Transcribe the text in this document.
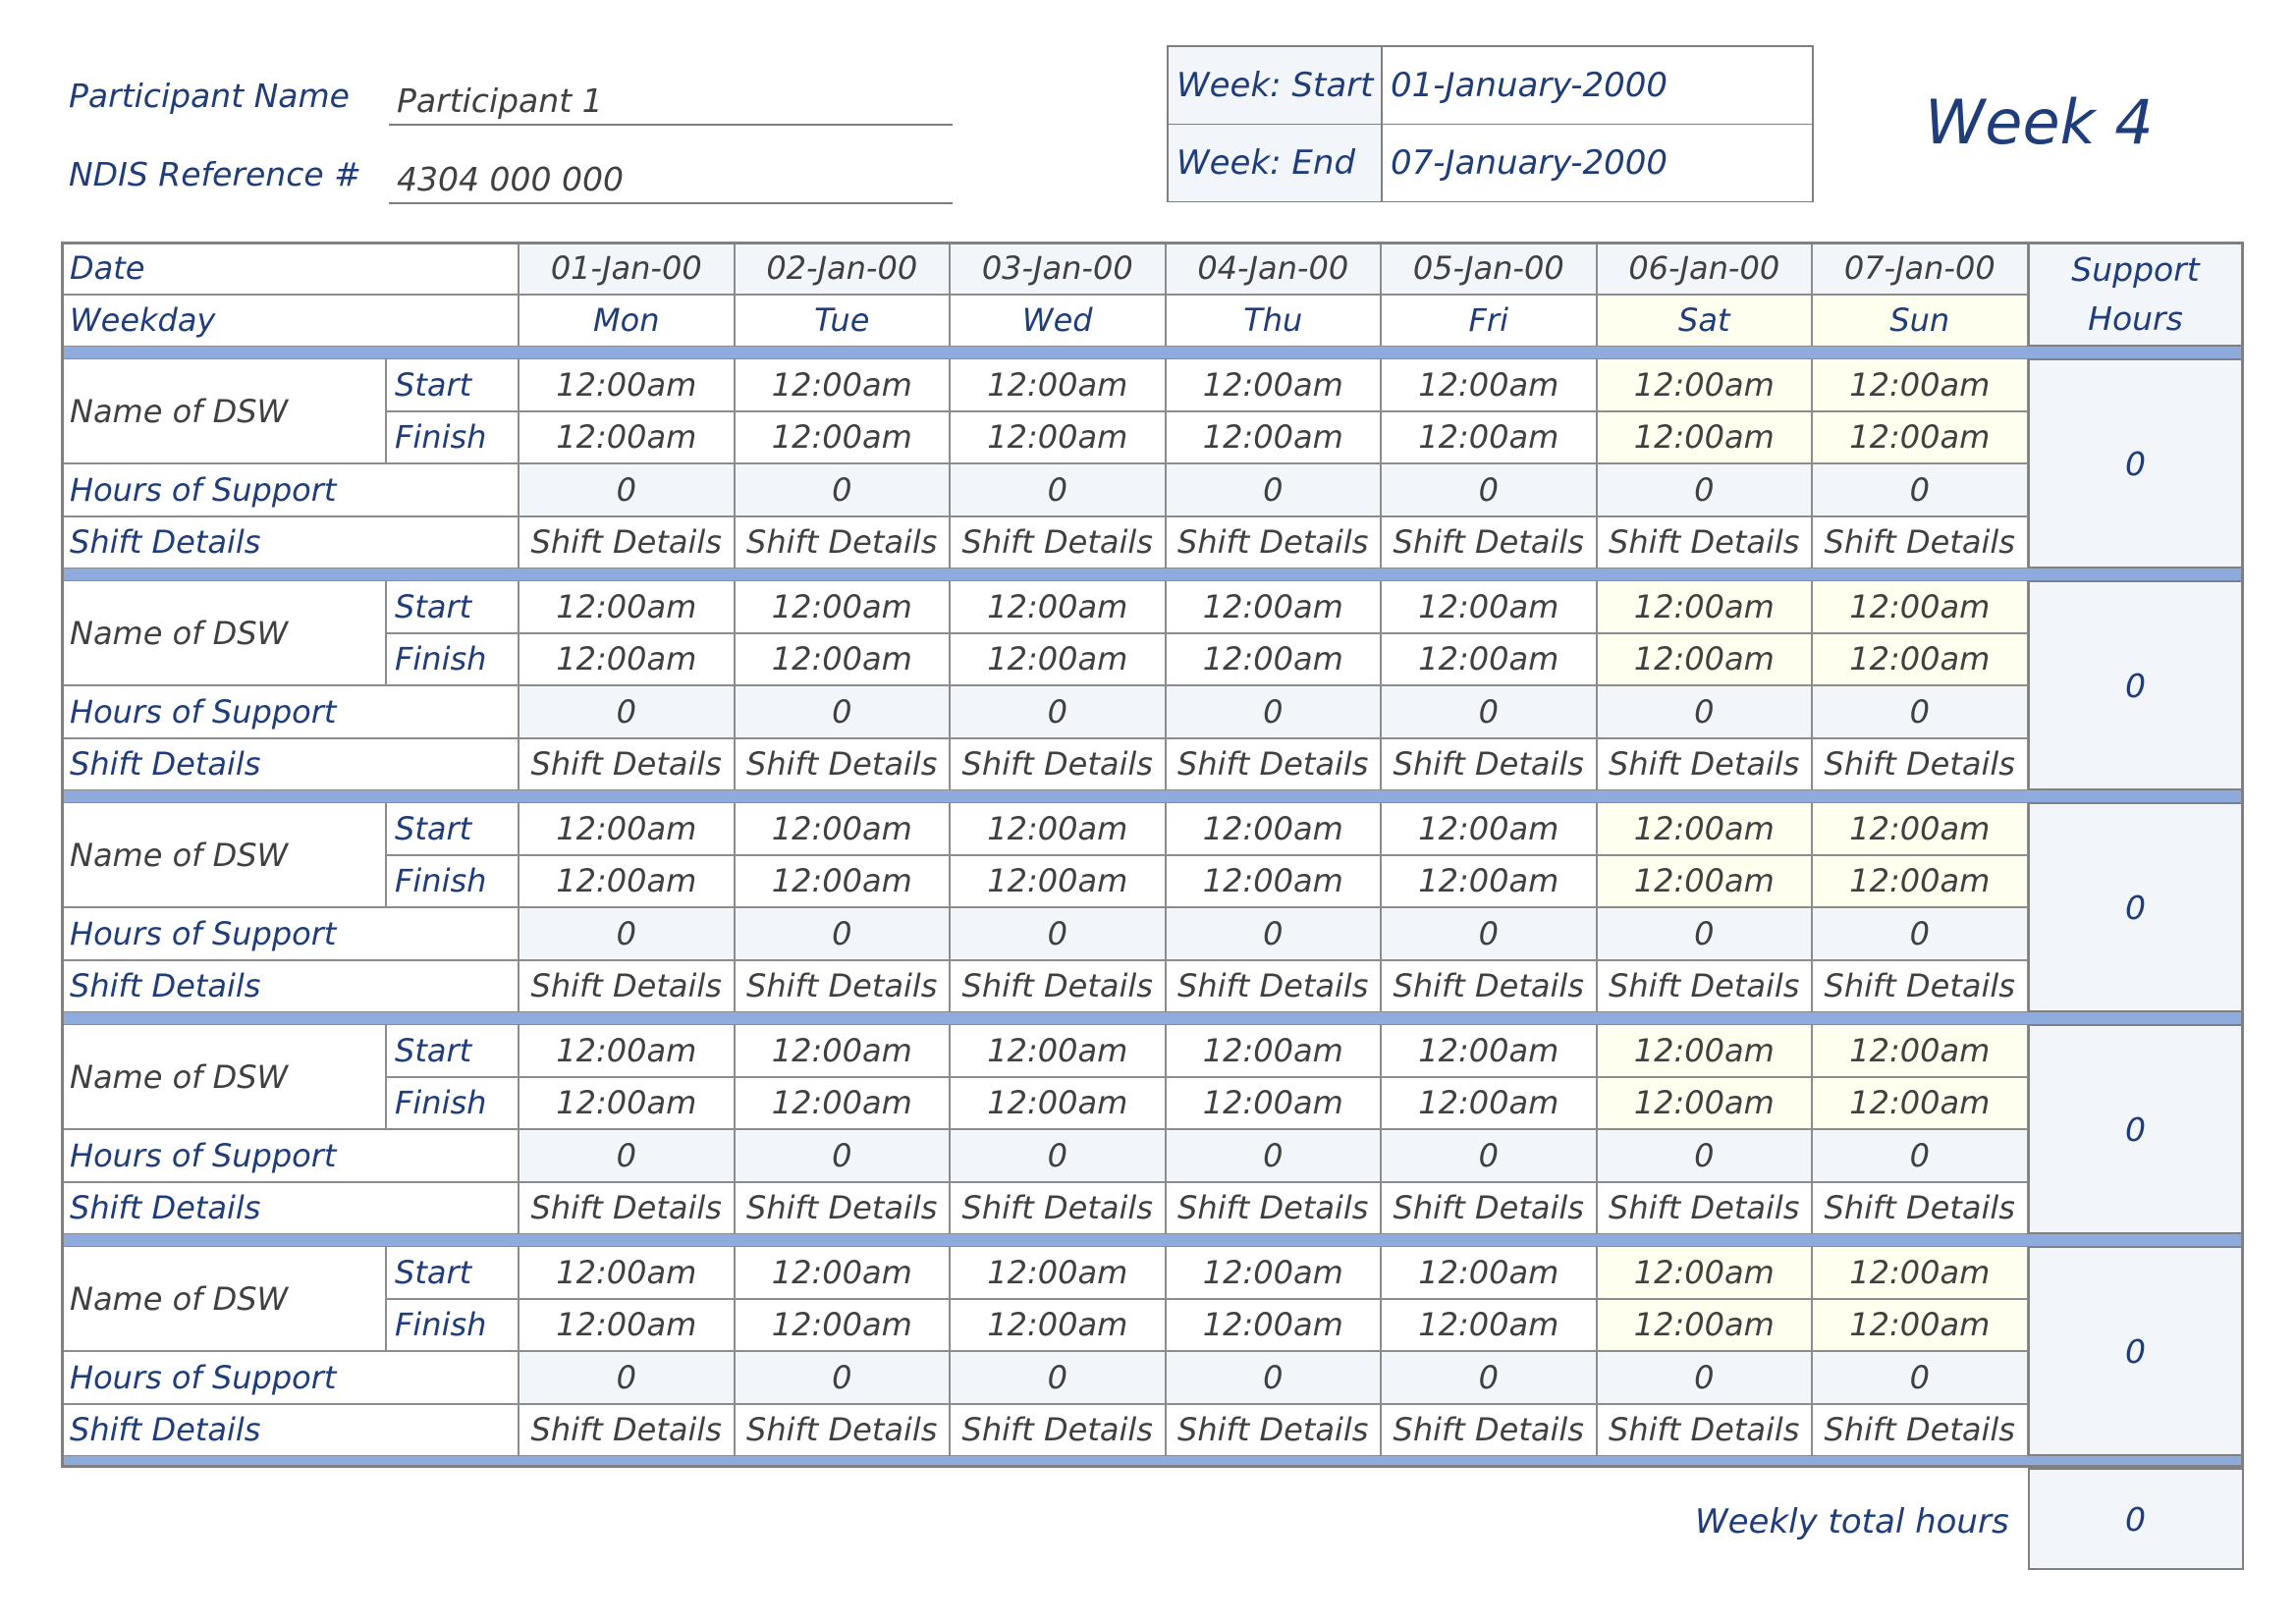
Participant Name Participant 1
NDIS Reference # 4304 000 000
Week: Start 01-January-2000
Week: End	07-January-2000
Week 4
Date
Weekday
01-Jan-00
Mon
02-Jan-00
Tue
03-Jan-00
Wed
04-Jan-00
Thu
05-Jan-00
Fri
06-Jan-00
Sat
07-Jan-00
Sun
Support
Hours
Name of DSW
Start
Finish
Hours of Support
Shift Details
12:00am
12:00am
0
Shift Details
12:00am
12:00am
0
Shift Details
12:00am
12:00am
0
Shift Details
12:00am
12:00am
0
Shift Details
12:00am
12:00am
0
Shift Details
12:00am
12:00am
0
Shift Details
12:00am
12:00am
0
Shift Details
0
Name of DSW
Start
Finish
Hours of Support
Shift Details
12:00am
12:00am
0
Shift Details
12:00am
12:00am
0
Shift Details
12:00am
12:00am
0
Shift Details
12:00am
12:00am
0
Shift Details
12:00am
12:00am
0
Shift Details
12:00am
12:00am
0
Shift Details
12:00am
12:00am
0
Shift Details
0
Name of DSW
Start
Finish
Hours of Support
Shift Details
12:00am
12:00am
0
Shift Details
12:00am
12:00am
0
Shift Details
12:00am
12:00am
0
Shift Details
12:00am
12:00am
0
Shift Details
12:00am
12:00am
0
Shift Details
12:00am
12:00am
0
Shift Details
12:00am
12:00am
0
Shift Details
0
Name of DSW
Start
Finish
Hours of Support
Shift Details
12:00am
12:00am
0
Shift Details
12:00am
12:00am
0
Shift Details
12:00am
12:00am
0
Shift Details
12:00am
12:00am
0
Shift Details
12:00am
12:00am
0
Shift Details
12:00am
12:00am
0
Shift Details
12:00am
12:00am
0
Shift Details
0
Name of DSW
Start
Finish
Hours of Support
Shift Details
12:00am
12:00am
0
Shift Details
12:00am
12:00am
0
Shift Details
12:00am
12:00am
0
Shift Details
12:00am
12:00am
0
Shift Details
12:00am
12:00am
0
Shift Details
12:00am
12:00am
0
Shift Details
12:00am
12:00am
0
Shift Details
0
0
Weekly total hours
